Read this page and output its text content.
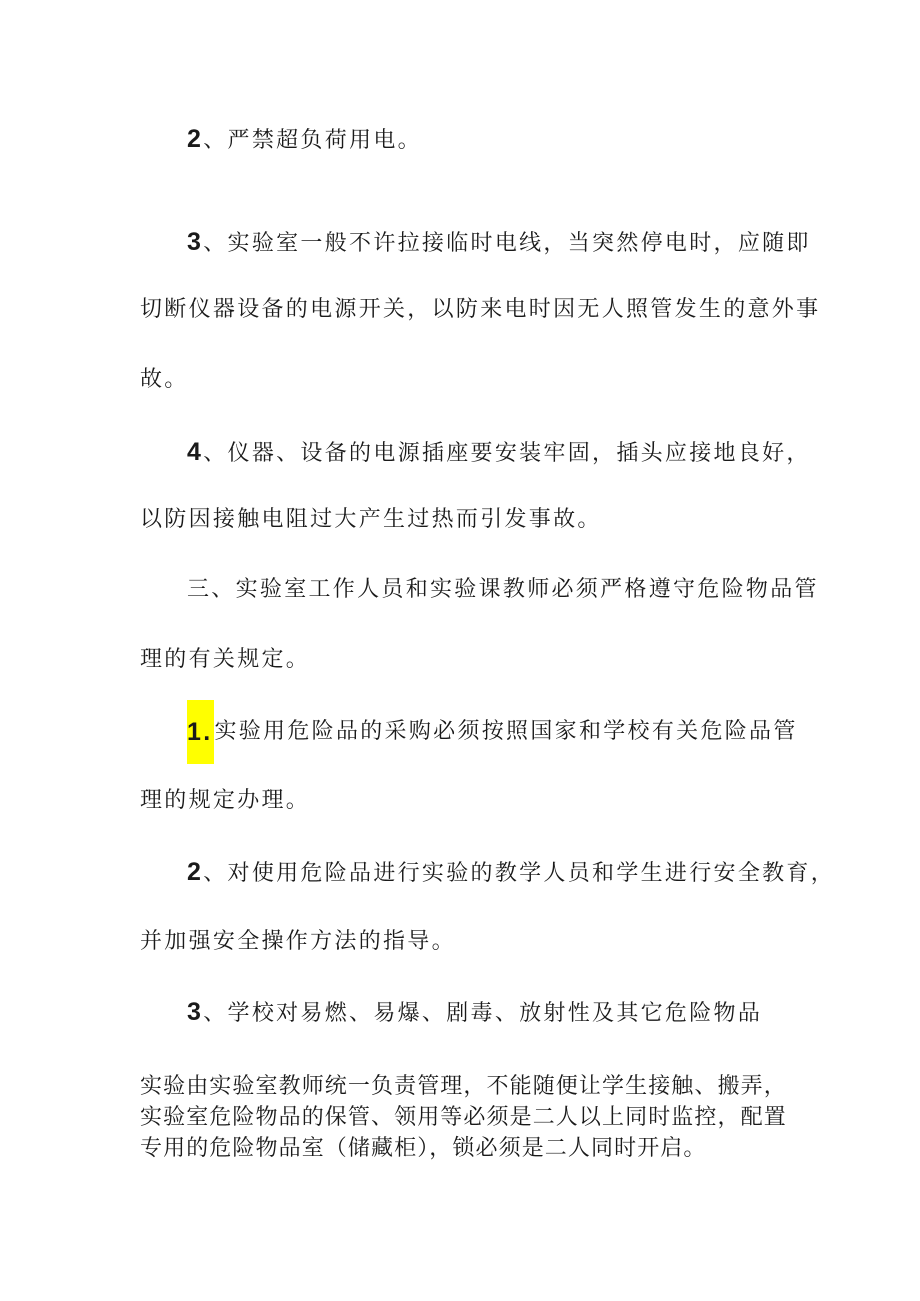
2、严禁超负荷用电。
3、实验室一般不许拉接临时电线，当突然停电时，应随即
切断仪器设备的电源开关，以防来电时因无人照管发生的意外事
故。
4、仪器、设备的电源插座要安装牢固，插头应接地良好，
以防因接触电阻过大产生过热而引发事故。
三、实验室工作人员和实验课教师必须严格遵守危险物品管
理的有关规定。
1.实验用危险品的采购必须按照国家和学校有关危险品管
理的规定办理。
2、对使用危险品进行实验的教学人员和学生进行安全教育，
并加强安全操作方法的指导。
3、学校对易燃、易爆、剧毒、放射性及其它危险物品
实验由实验室教师统一负责管理，不能随便让学生接触、搬弄，
实验室危险物品的保管、领用等必须是二人以上同时监控，配置
专用的危险物品室（储藏柜），锁必须是二人同时开启。
